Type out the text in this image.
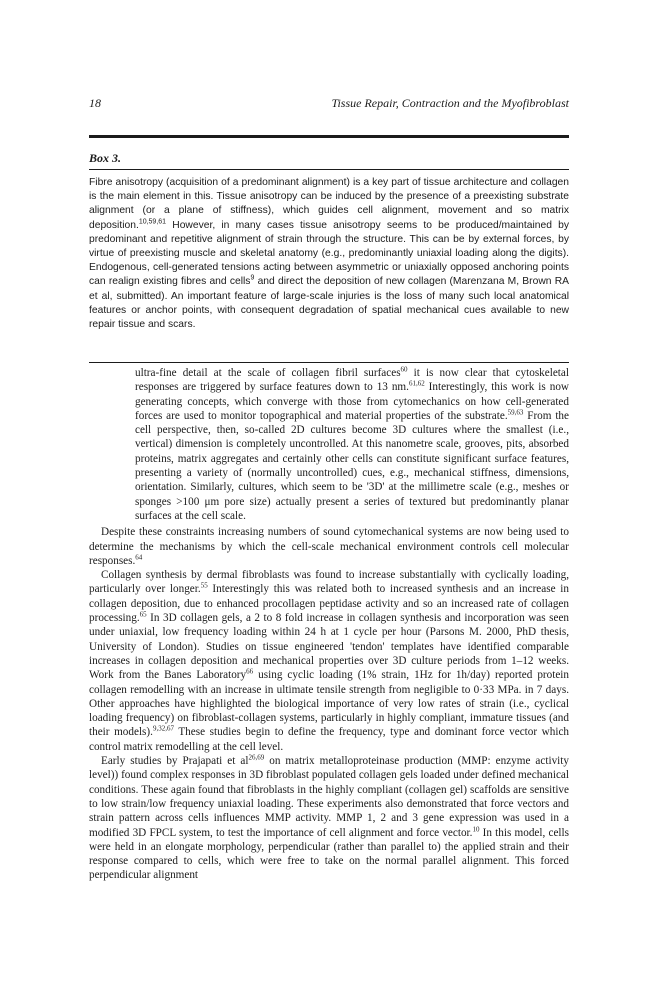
18	Tissue Repair, Contraction and the Myofibroblast
Box 3.
Fibre anisotropy (acquisition of a predominant alignment) is a key part of tissue architecture and collagen is the main element in this. Tissue anisotropy can be induced by the presence of a preexisting substrate alignment (or a plane of stiffness), which guides cell alignment, movement and so matrix deposition.$^{10,59,61}$ However, in many cases tissue anisotropy seems to be produced/maintained by predominant and repetitive alignment of strain through the structure. This can be by external forces, by virtue of preexisting muscle and skeletal anatomy (e.g., predominantly uniaxial loading along the digits). Endogenous, cell-generated tensions acting between asymmetric or uniaxially opposed anchoring points can realign existing fibres and cells$^9$ and direct the deposition of new collagen (Marenzana M, Brown RA et al, submitted). An important feature of large-scale injuries is the loss of many such local anatomical features or anchor points, with consequent degradation of spatial mechanical cues available to new repair tissue and scars.

ultra-fine detail at the scale of collagen fibril surfaces$^{60}$ it is now clear that cytoskeletal responses are triggered by surface features down to 13 nm.$^{61,62}$ Interestingly, this work is now generating concepts, which converge with those from cytomechanics on how cell-generated forces are used to monitor topographical and material properties of the substrate.$^{59,63}$ From the cell perspective, then, so-called 2D cultures become 3D cultures where the smallest (i.e., vertical) dimension is completely uncontrolled. At this nanometre scale, grooves, pits, absorbed proteins, matrix aggregates and certainly other cells can constitute significant surface features, presenting a variety of (normally uncontrolled) cues, e.g., mechanical stiffness, dimensions, orientation. Similarly, cultures, which seem to be '3D' at the millimetre scale (e.g., meshes or sponges >100 μm pore size) actually present a series of textured but predominantly planar surfaces at the cell scale.

Despite these constraints increasing numbers of sound cytomechanical systems are now being used to determine the mechanisms by which the cell-scale mechanical environment controls cell molecular responses.$^{64}$

Collagen synthesis by dermal fibroblasts was found to increase substantially with cyclically loading, particularly over longer.$^{55}$ Interestingly this was related both to increased synthesis and an increase in collagen deposition, due to enhanced procollagen peptidase activity and so an increased rate of collagen processing.$^{65}$ In 3D collagen gels, a 2 to 8 fold increase in collagen synthesis and incorporation was seen under uniaxial, low frequency loading within 24 h at 1 cycle per hour (Parsons M. 2000, PhD thesis, University of London). Studies on tissue engineered 'tendon' templates have identified comparable increases in collagen deposition and mechanical properties over 3D culture periods from 1–12 weeks. Work from the Banes Laboratory$^{66}$ using cyclic loading (1% strain, 1Hz for 1h/day) reported protein collagen remodelling with an increase in ultimate tensile strength from negligible to 0·33 MPa. in 7 days. Other approaches have highlighted the biological importance of very low rates of strain (i.e., cyclical loading frequency) on fibroblast-collagen systems, particularly in highly compliant, immature tissues (and their models).$^{9,32,67}$ These studies begin to define the frequency, type and dominant force vector which control matrix remodelling at the cell level.

Early studies by Prajapati et al$^{26,69}$ on matrix metalloproteinase production (MMP: enzyme activity level)) found complex responses in 3D fibroblast populated collagen gels loaded under defined mechanical conditions. These again found that fibroblasts in the highly compliant (collagen gel) scaffolds are sensitive to low strain/low frequency uniaxial loading. These experiments also demonstrated that force vectors and strain pattern across cells influences MMP activity. MMP 1, 2 and 3 gene expression was used in a modified 3D FPCL system, to test the importance of cell alignment and force vector.$^{10}$ In this model, cells were held in an elongate morphology, perpendicular (rather than parallel to) the applied strain and their response compared to cells, which were free to take on the normal parallel alignment. This forced perpendicular alignment
